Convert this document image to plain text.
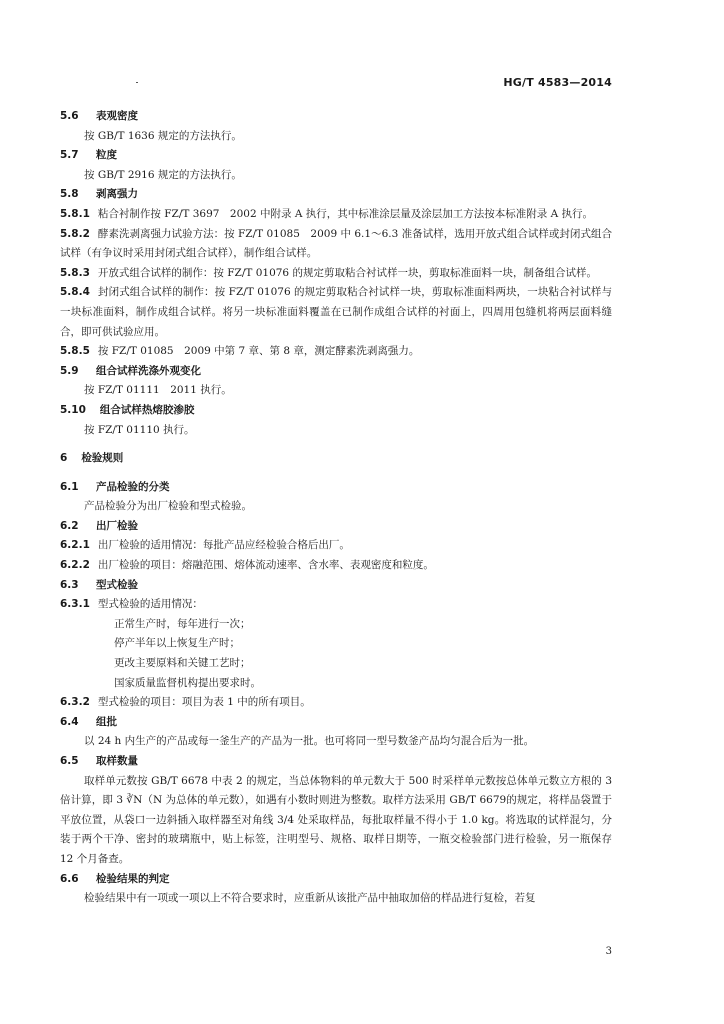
HG/T 4583—2014
5.6 表观密度
按 GB/T 1636 规定的方法执行。
5.7 粒度
按 GB/T 2916 规定的方法执行。
5.8 剥离强力
5.8.1 粘合衬制作按 FZ/T 3697　2002 中附录 A 执行，其中标准涂层量及涂层加工方法按本标准附录 A 执行。
5.8.2 酵素洗剥离强力试验方法：按 FZ/T 01085　2009 中 6.1～6.3 准备试样，选用开放式组合试样或封闭式组合试样（有争议时采用封闭式组合试样），制作组合试样。
5.8.3 开放式组合试样的制作：按 FZ/T 01076 的规定剪取粘合衬试样一块，剪取标准面料一块，制备组合试样。
5.8.4 封闭式组合试样的制作：按 FZ/T 01076 的规定剪取粘合衬试样一块，剪取标准面料两块，一块粘合衬试样与一块标准面料，制作成组合试样。将另一块标准面料覆盖在已制作成组合试样的衬面上，四周用包缝机将两层面料缝合，即可供试验应用。
5.8.5 按 FZ/T 01085　2009 中第 7 章、第 8 章，测定酵素洗剥离强力。
5.9 组合试样洗涤外观变化
按 FZ/T 01111　2011 执行。
5.10 组合试样热熔胶渗胶
按 FZ/T 01110 执行。
6 检验规则
6.1 产品检验的分类
产品检验分为出厂检验和型式检验。
6.2 出厂检验
6.2.1 出厂检验的适用情况：每批产品应经检验合格后出厂。
6.2.2 出厂检验的项目：熔融范围、熔体流动速率、含水率、表观密度和粒度。
6.3 型式检验
6.3.1 型式检验的适用情况：
正常生产时，每年进行一次；
停产半年以上恢复生产时；
更改主要原料和关键工艺时；
国家质量监督机构提出要求时。
6.3.2 型式检验的项目：项目为表 1 中的所有项目。
6.4 组批
以 24 h 内生产的产品或每一釜生产的产品为一批。也可将同一型号数釜产品均匀混合后为一批。
6.5 取样数量
取样单元数按 GB/T 6678 中表 2 的规定，当总体物料的单元数大于 500 时采样单元数按总体单元数立方根的 3 倍计算，即 3 ∛N（N 为总体的单元数），如遇有小数时则进为整数。取样方法采用 GB/T 6679的规定，将样品袋置于平放位置，从袋口一边斜插入取样器至对角线 3/4 处采取样品，每批取样量不得小于 1.0 kg。将选取的试样混匀，分装于两个干净、密封的玻璃瓶中，贴上标签，注明型号、规格、取样日期等，一瓶交检验部门进行检验，另一瓶保存 12 个月备查。
6.6 检验结果的判定
检验结果中有一项或一项以上不符合要求时，应重新从该批产品中抽取加倍的样品进行复检，若复
3
